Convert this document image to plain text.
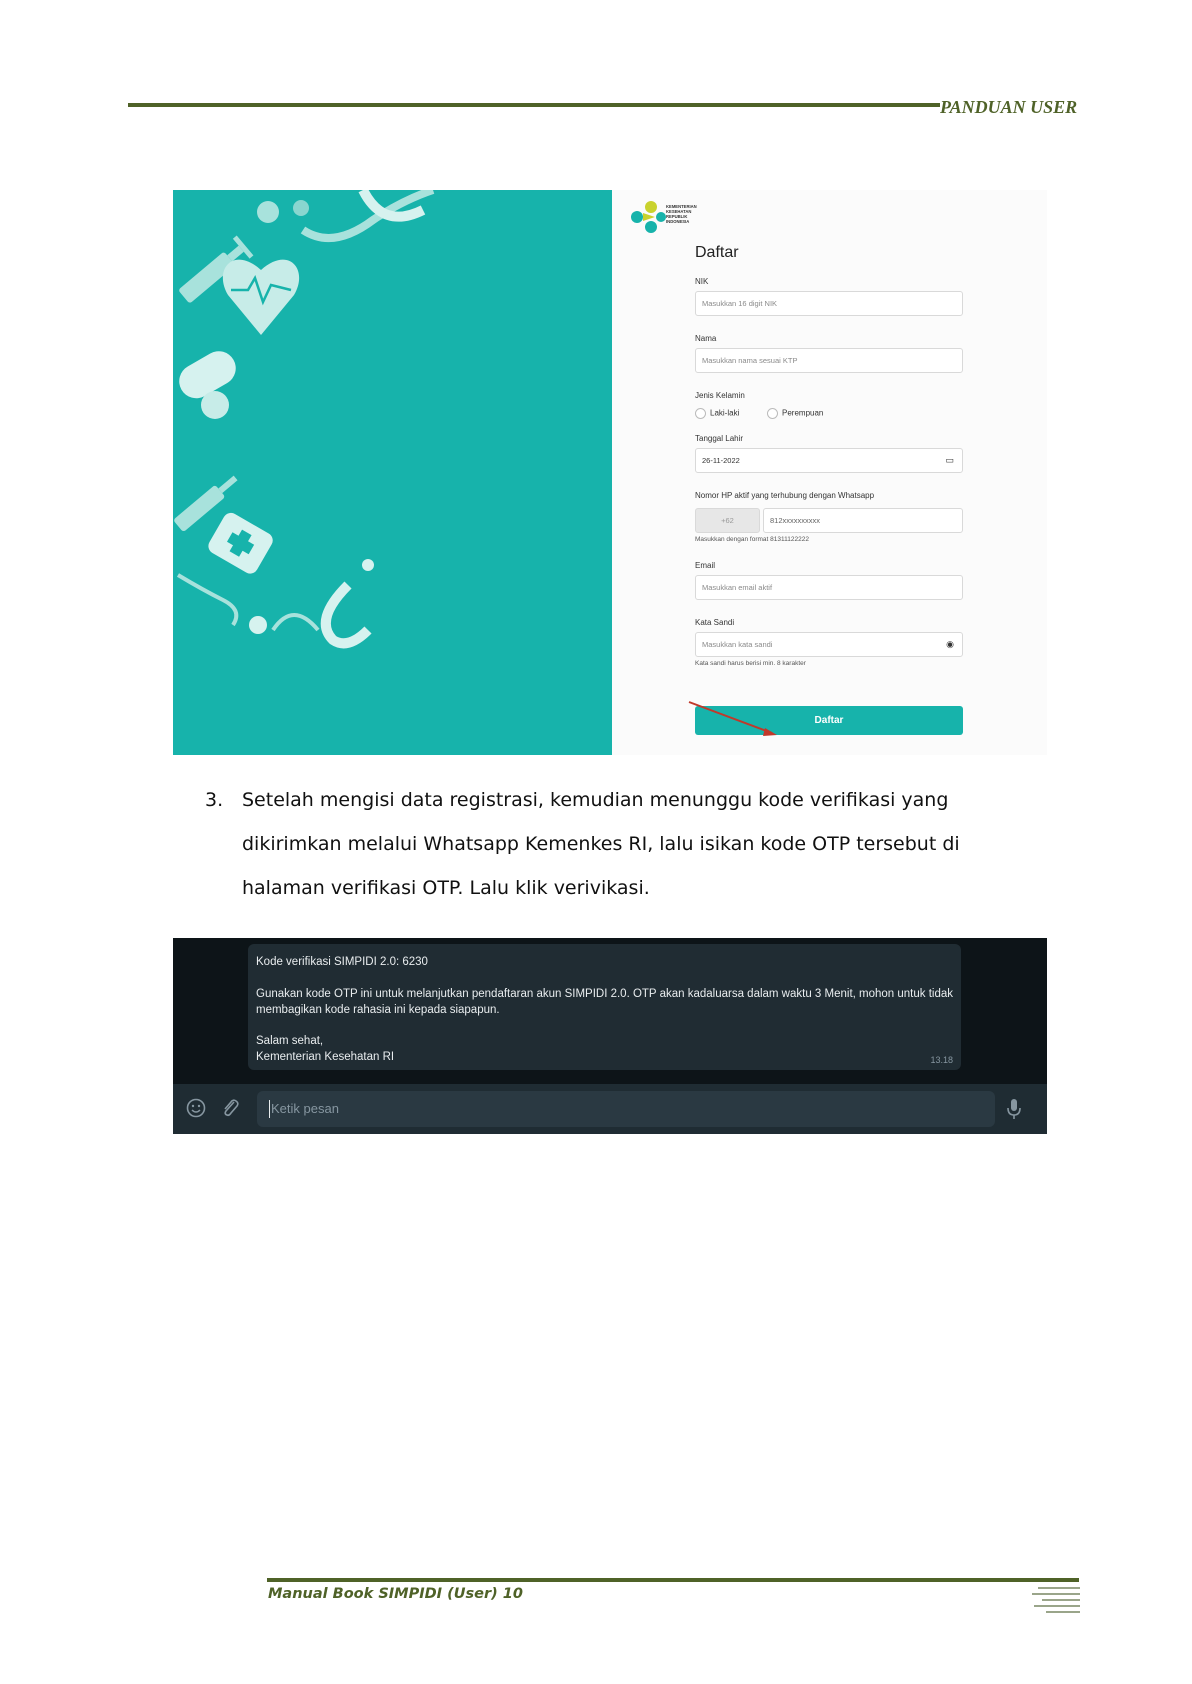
PANDUAN USER
KEMENTERIAN
KESEHATAN
REPUBLIK
INDONESIA
Daftar
NIK
Masukkan 16 digit NIK
Nama
Masukkan nama sesuai KTP
Jenis Kelamin
Laki-laki	Perempuan
Tanggal Lahir
26-11-2022	▭
Nomor HP aktif yang terhubung dengan Whatsapp
+62	812xxxxxxxxxx
Masukkan dengan format 81311122222
Email
Masukkan email aktif
Kata Sandi
Masukkan kata sandi	◉
Kata sandi harus berisi min. 8 karakter
Daftar
3. Setelah mengisi data registrasi, kemudian menunggu kode verifikasi yang
dikirimkan melalui Whatsapp Kemenkes RI, lalu isikan kode OTP tersebut di
halaman verifikasi OTP. Lalu klik verivikasi.
Kode verifikasi SIMPIDI 2.0: 6230
Gunakan kode OTP ini untuk melanjutkan pendaftaran akun SIMPIDI 2.0. OTP akan kadaluarsa dalam waktu 3 Menit, mohon untuk tidak membagikan kode rahasia ini kepada siapapun.
Salam sehat,
Kementerian Kesehatan RI	13.18
Ketik pesan
Manual Book SIMPIDI (User) 10
